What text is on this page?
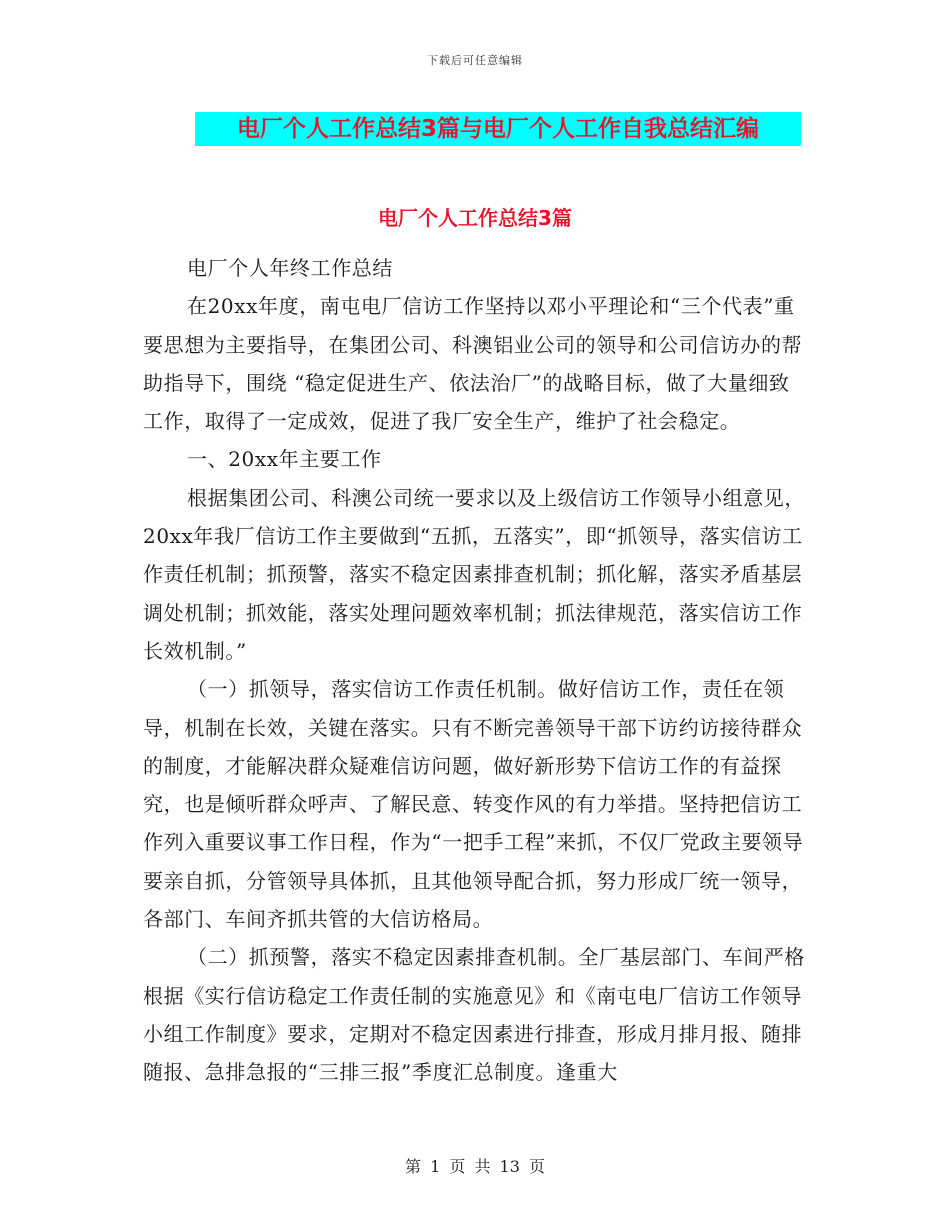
下载后可任意编辑
电厂个人工作总结3篇与电厂个人工作自我总结汇编
电厂个人工作总结3篇

电厂个人年终工作总结

在20xx年度，南屯电厂信访工作坚持以邓小平理论和“三个代表”重要思想为主要指导，在集团公司、科澳铝业公司的领导和公司信访办的帮助指导下，围绕 “稳定促进生产、依法治厂”的战略目标，做了大量细致工作，取得了一定成效，促进了我厂安全生产，维护了社会稳定。

一、20xx年主要工作

根据集团公司、科澳公司统一要求以及上级信访工作领导小组意见，20xx年我厂信访工作主要做到“五抓，五落实”，即“抓领导，落实信访工作责任机制；抓预警，落实不稳定因素排查机制；抓化解，落实矛盾基层调处机制；抓效能，落实处理问题效率机制；抓法律规范，落实信访工作长效机制。”

（一）抓领导，落实信访工作责任机制。做好信访工作，责任在领导，机制在长效，关键在落实。只有不断完善领导干部下访约访接待群众的制度，才能解决群众疑难信访问题，做好新形势下信访工作的有益探究，也是倾听群众呼声、了解民意、转变作风的有力举措。坚持把信访工作列入重要议事工作日程，作为“一把手工程”来抓，不仅厂党政主要领导要亲自抓，分管领导具体抓，且其他领导配合抓，努力形成厂统一领导，各部门、车间齐抓共管的大信访格局。

（二）抓预警，落实不稳定因素排查机制。全厂基层部门、车间严格根据《实行信访稳定工作责任制的实施意见》和《南屯电厂信访工作领导小组工作制度》要求，定期对不稳定因素进行排查，形成月排月报、随排随报、急排急报的“三排三报”季度汇总制度。逢重大

第 1 页 共 13 页
